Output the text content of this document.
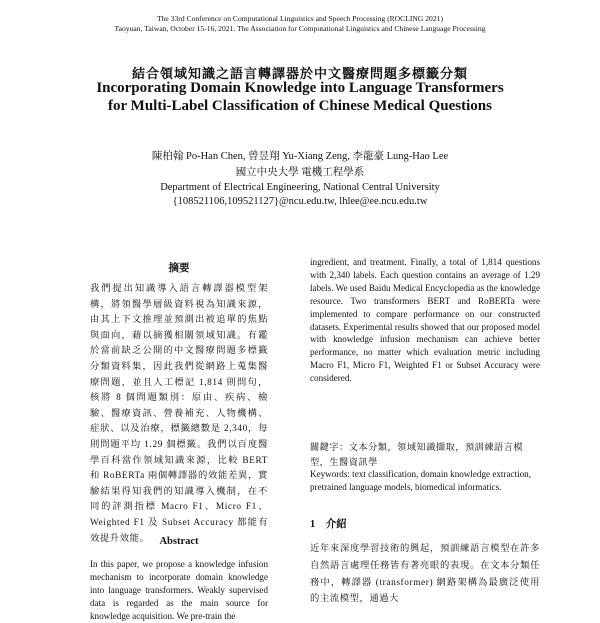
The 33rd Conference on Computational Linguistics and Speech Processing (ROCLING 2021)
Taoyuan, Taiwan, October 15-16, 2021. The Association for Computational Linguistics and Chinese Language Processing
結合領域知識之語言轉譯器於中文醫療問題多標籤分類
Incorporating Domain Knowledge into Language Transformers
for Multi-Label Classification of Chinese Medical Questions
陳柏翰 Po-Han Chen, 曾昱翔 Yu-Xiang Zeng, 李龍豪 Lung-Hao Lee
國立中央大學 電機工程學系
Department of Electrical Engineering, National Central University
{108521106,109521127}@ncu.edu.tw, lhlee@ee.ncu.edu.tw

摘要

我們提出知識導入語言轉譯器模型架構，將領醫學層級資料視為知識來源，由其上下文推理並預測出被追單的焦點與面向，藉以摘獲相關領域知識。有鑑於當前缺乏公開的中文醫療問題多標籤分類資料集，因此我們從網路上蒐集醫療問題，並且人工標記 1,814 則問句，核將 8 個問題類別：原由、疾病、檢驗、醫療資訊、營養補充、人物機構、症狀、以及治療，標籤總數是 2,340，每則問題平均 1.29 個標籤。我們以百度醫學百科當作領域知識來源，比較 BERT 和 RoBERTa 兩個轉譯器的效能差異，實驗結果得知我們的知識導入機制，在不同的評測指標 Macro F1、Micro F1、Weighted F1 及 Subset Accuracy 都能有效提升效能。 Abstract

In this paper, we propose a knowledge infusion mechanism to incorporate domain knowledge into language transformers. Weakly supervised data is regarded as the main source for knowledge acquisition. We pre-train the

ingredient, and treatment. Finally, a total of 1,814 questions with 2,340 labels. Each question contains an average of 1.29 labels. We used Baidu Medical Encyclopedia as the knowledge resource. Two transformers BERT and RoBERTa were implemented to compare performance on our constructed datasets. Experimental results showed that our proposed model with knowledge infusion mechanism can achieve better performance, no matter which evaluation metric including Macro F1, Micro F1, Weighted F1 or Subset Accuracy were considered.

關鍵字：文本分類，領域知識擷取，預訓練語言模型，生醫資訊學

Keywords: text classification, domain knowledge extraction, pretrained language models, biomedical informatics.

1　介紹

近年來深度學習技術的興起，預訓練語言模型在許多自然語言處理任務皆有著亮眼的表現。在文本分類任務中，轉譯器 (transformer) 網路架構為最廣泛使用的主流模型，通過大
